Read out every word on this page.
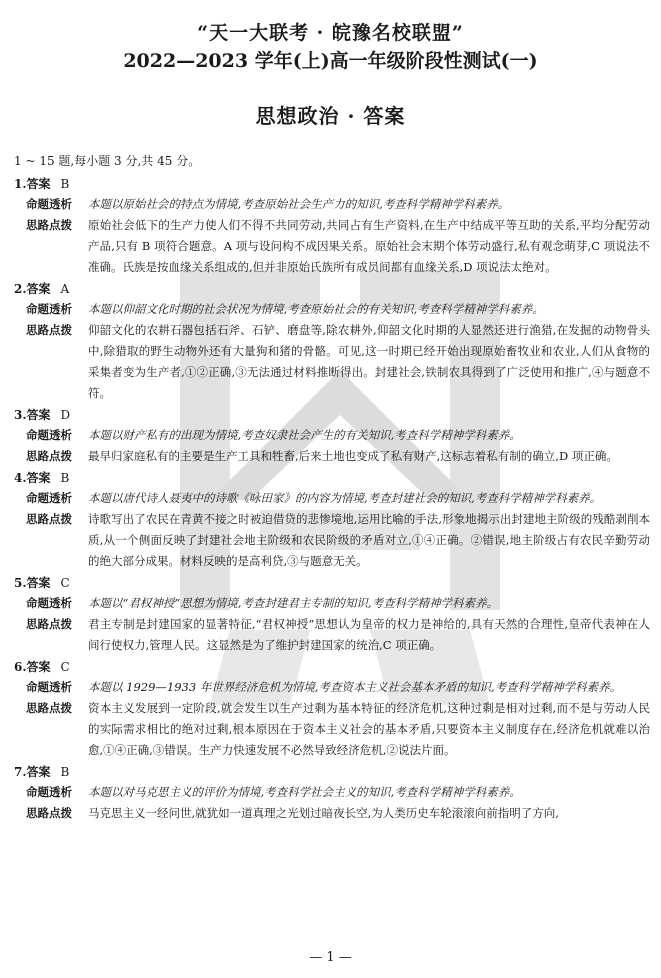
“天一大联考 · 皖豫名校联盟”
2022—2023 学年(上)高一年级阶段性测试(一)
思想政治 · 答案
1 ~ 15 题,每小题 3 分,共 45 分。
1.答案 B
命题透析	本题以原始社会的特点为情境,考查原始社会生产力的知识,考查科学精神学科素养。
思路点拨	原始社会低下的生产力使人们不得不共同劳动,共同占有生产资料,在生产中结成平等互助的关系,平均分配劳动产品,只有 B 项符合题意。A 项与设问构不成因果关系。原始社会末期个体劳动盛行,私有观念萌芽,C 项说法不准确。氏族是按血缘关系组成的,但并非原始氏族所有成员间都有血缘关系,D 项说法太绝对。
2.答案 A
命题透析	本题以仰韶文化时期的社会状况为情境,考查原始社会的有关知识,考查科学精神学科素养。
思路点拨	仰韶文化的农耕石器包括石斧、石铲、磨盘等,除农耕外,仰韶文化时期的人显然还进行渔猎,在发掘的动物骨头中,除猎取的野生动物外还有大量狗和猪的骨骼。可见,这一时期已经开始出现原始畜牧业和农业,人们从食物的采集者变为生产者,①②正确,③无法通过材料推断得出。封建社会,铁制农具得到了广泛使用和推广,④与题意不符。
3.答案 D
命题透析	本题以财产私有的出现为情境,考查奴隶社会产生的有关知识,考查科学精神学科素养。
思路点拨	最早归家庭私有的主要是生产工具和牲畜,后来土地也变成了私有财产,这标志着私有制的确立,D 项正确。
4.答案 B
命题透析	本题以唐代诗人聂夷中的诗歌《咏田家》的内容为情境,考查封建社会的知识,考查科学精神学科素养。
思路点拨	诗歌写出了农民在青黄不接之时被迫借贷的悲惨境地,运用比喻的手法,形象地揭示出封建地主阶级的残酷剥削本质,从一个侧面反映了封建社会地主阶级和农民阶级的矛盾对立,①④正确。②错误,地主阶级占有农民辛勤劳动的绝大部分成果。材料反映的是高利贷,③与题意无关。
5.答案 C
命题透析	本题以“君权神授”思想为情境,考查封建君主专制的知识,考查科学精神学科素养。
思路点拨	君主专制是封建国家的显著特征,“君权神授”思想认为皇帝的权力是神给的,具有天然的合理性,皇帝代表神在人间行使权力,管理人民。这显然是为了维护封建国家的统治,C 项正确。
6.答案 C
命题透析	本题以 1929—1933 年世界经济危机为情境,考查资本主义社会基本矛盾的知识,考查科学精神学科素养。
思路点拨	资本主义发展到一定阶段,就会发生以生产过剩为基本特征的经济危机,这种过剩是相对过剩,而不是与劳动人民的实际需求相比的绝对过剩,根本原因在于资本主义社会的基本矛盾,只要资本主义制度存在,经济危机就难以治愈,①④正确,③错误。生产力快速发展不必然导致经济危机,②说法片面。
7.答案 B
命题透析	本题以对马克思主义的评价为情境,考查科学社会主义的知识,考查科学精神学科素养。
思路点拨	马克思主义一经问世,就犹如一道真理之光划过暗夜长空,为人类历史车轮滚滚向前指明了方向,
— 1 —
